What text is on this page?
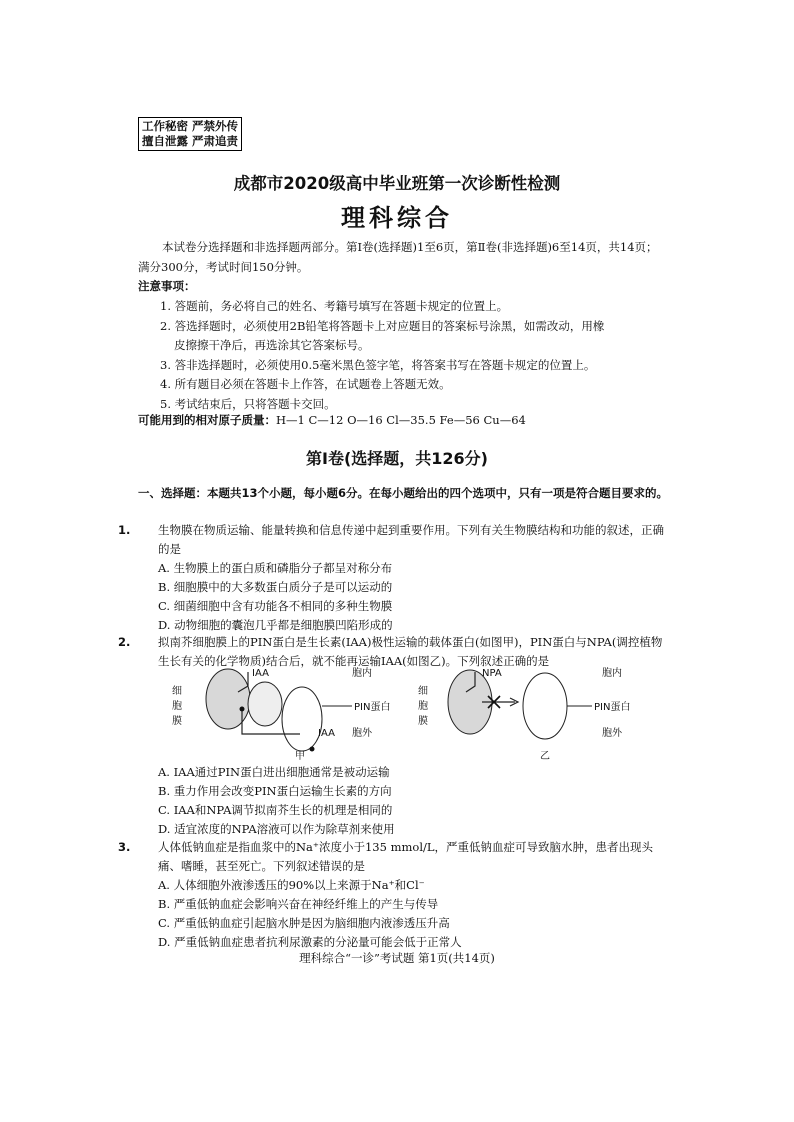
工作秘密 严禁外传
擅自泄露 严肃追责
成都市2020级高中毕业班第一次诊断性检测
理科综合
本试卷分选择题和非选择题两部分。第Ⅰ卷(选择题)1至6页，第Ⅱ卷(非选择题)6至14页，共14页；满分300分，考试时间150分钟。
注意事项：
1. 答题前，务必将自己的姓名、考籍号填写在答题卡规定的位置上。
2. 答选择题时，必须使用2B铅笔将答题卡上对应题目的答案标号涂黑，如需改动，用橡
皮擦擦干净后，再选涂其它答案标号。
3. 答非选择题时，必须使用0.5毫米黑色签字笔，将答案书写在答题卡规定的位置上。
4. 所有题目必须在答题卡上作答，在试题卷上答题无效。
5. 考试结束后，只将答题卡交回。
可能用到的相对原子质量：H—1 C—12 O—16 Cl—35.5 Fe—56 Cu—64
第Ⅰ卷(选择题，共126分)
一、选择题：本题共13个小题，每小题6分。在每小题给出的四个选项中，只有一项是符合题目要求的。
1. 生物膜在物质运输、能量转换和信息传递中起到重要作用。下列有关生物膜结构和功能的叙述，正确的是
A. 生物膜上的蛋白质和磷脂分子都呈对称分布
B. 细胞膜中的大多数蛋白质分子是可以运动的
C. 细菌细胞中含有功能各不相同的多种生物膜
D. 动物细胞的囊泡几乎都是细胞膜凹陷形成的
2. 拟南芥细胞膜上的PIN蛋白是生长素(IAA)极性运输的载体蛋白(如图甲)，PIN蛋白与NPA(调控植物生长有关的化学物质)结合后，就不能再运输IAA(如图乙)。下列叙述正确的是
细
胞
膜
IAA	胞内
PIN蛋白
IAA 胞外
甲
细
胞
膜
NPA	胞内
PIN蛋白
胞外
乙
A. IAA通过PIN蛋白进出细胞通常是被动运输
B. 重力作用会改变PIN蛋白运输生长素的方向
C. IAA和NPA调节拟南芥生长的机理是相同的
D. 适宜浓度的NPA溶液可以作为除草剂来使用
3. 人体低钠血症是指血浆中的Na⁺浓度小于135 mmol/L，严重低钠血症可导致脑水肿，患者出现头痛、嗜睡，甚至死亡。下列叙述错误的是
A. 人体细胞外液渗透压的90%以上来源于Na⁺和Cl⁻
B. 严重低钠血症会影响兴奋在神经纤维上的产生与传导
C. 严重低钠血症引起脑水肿是因为脑细胞内液渗透压升高
D. 严重低钠血症患者抗利尿激素的分泌量可能会低于正常人
理科综合“一诊”考试题 第1页(共14页)
